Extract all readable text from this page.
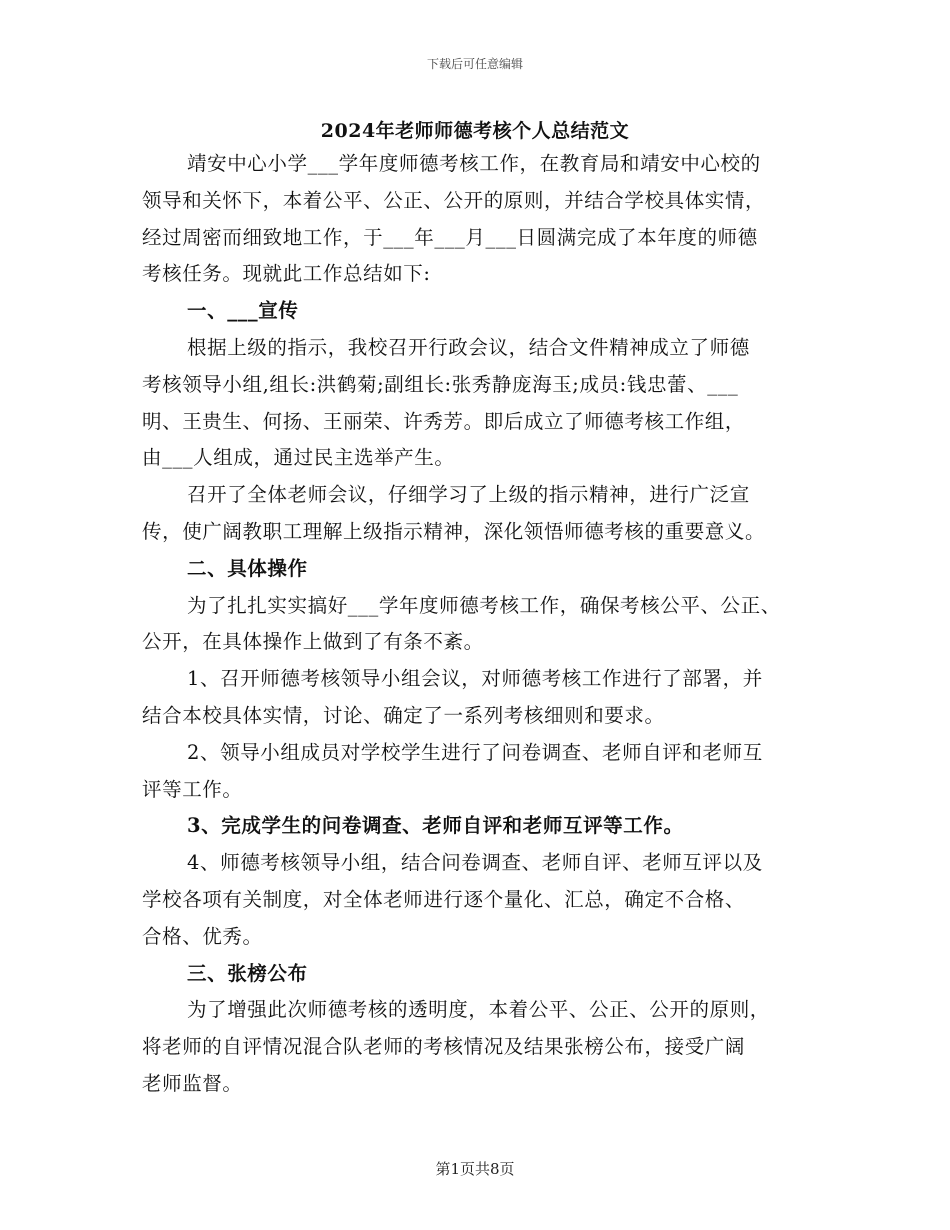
下载后可任意编辑
2024年老师师德考核个人总结范文
靖安中心小学___学年度师德考核工作，在教育局和靖安中心校的
领导和关怀下，本着公平、公正、公开的原则，并结合学校具体实情，
经过周密而细致地工作，于___年___月___日圆满完成了本年度的师德
考核任务。现就此工作总结如下:
一、___宣传
根据上级的指示，我校召开行政会议，结合文件精神成立了师德
考核领导小组,组长:洪鹤菊;副组长:张秀静庞海玉;成员:钱忠蕾、___
明、王贵生、何扬、王丽荣、许秀芳。即后成立了师德考核工作组，
由___人组成，通过民主选举产生。
召开了全体老师会议，仔细学习了上级的指示精神，进行广泛宣
传，使广阔教职工理解上级指示精神，深化领悟师德考核的重要意义。
二、具体操作
为了扎扎实实搞好___学年度师德考核工作，确保考核公平、公正、
公开，在具体操作上做到了有条不紊。
1、召开师德考核领导小组会议，对师德考核工作进行了部署，并
结合本校具体实情，讨论、确定了一系列考核细则和要求。
2、领导小组成员对学校学生进行了问卷调查、老师自评和老师互
评等工作。
3、完成学生的问卷调查、老师自评和老师互评等工作。
4、师德考核领导小组，结合问卷调查、老师自评、老师互评以及
学校各项有关制度，对全体老师进行逐个量化、汇总，确定不合格、
合格、优秀。
三、张榜公布
为了增强此次师德考核的透明度，本着公平、公正、公开的原则，
将老师的自评情况混合队老师的考核情况及结果张榜公布，接受广阔
老师监督。
第1页共8页
